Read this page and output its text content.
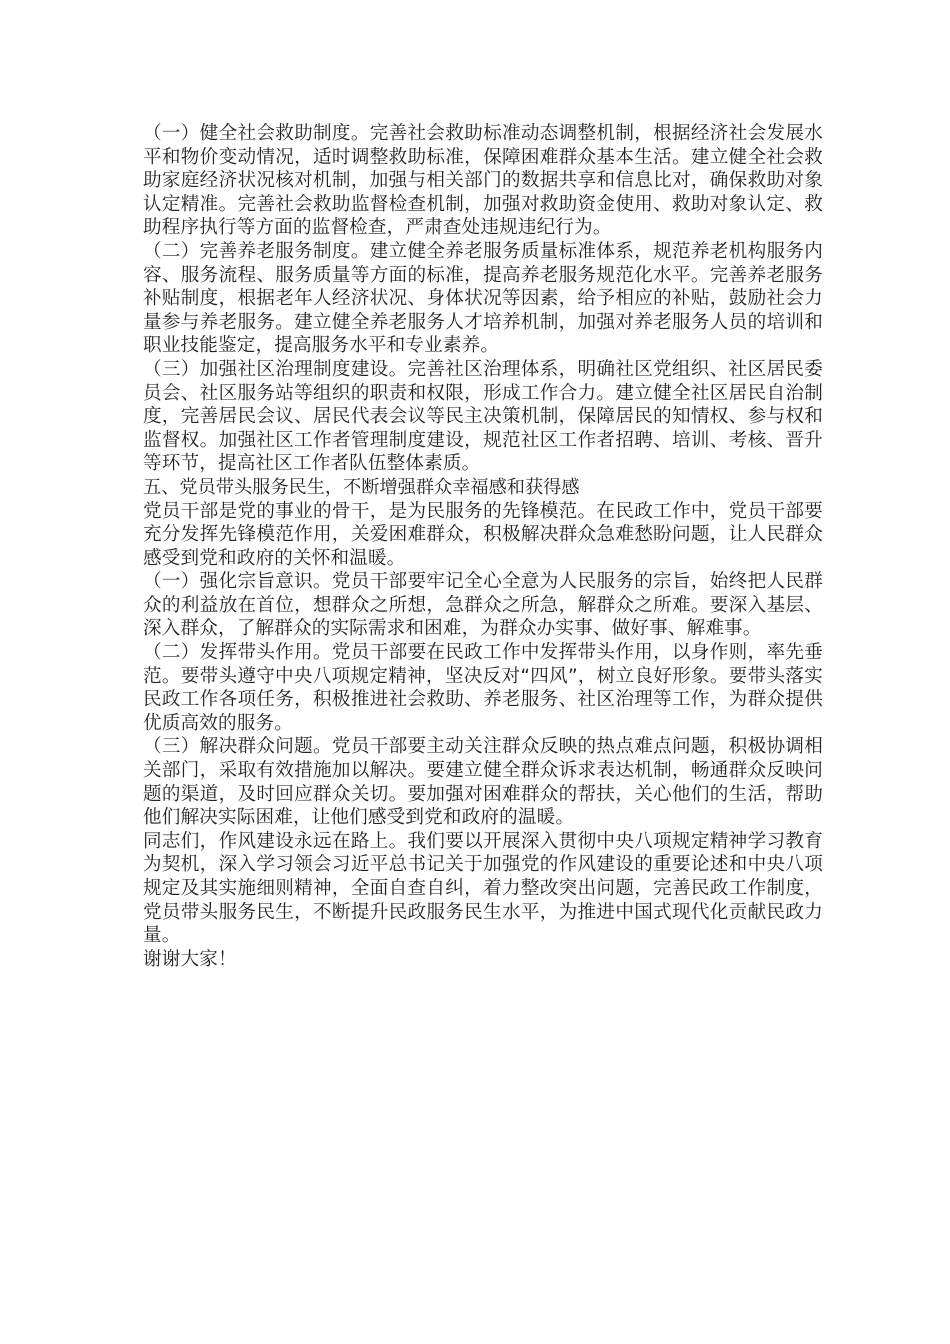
（一）健全社会救助制度。完善社会救助标准动态调整机制，根据经济社会发展水平和物价变动情况，适时调整救助标准，保障困难群众基本生活。建立健全社会救助家庭经济状况核对机制，加强与相关部门的数据共享和信息比对，确保救助对象认定精准。完善社会救助监督检查机制，加强对救助资金使用、救助对象认定、救助程序执行等方面的监督检查，严肃查处违规违纪行为。

（二）完善养老服务制度。建立健全养老服务质量标准体系，规范养老机构服务内容、服务流程、服务质量等方面的标准，提高养老服务规范化水平。完善养老服务补贴制度，根据老年人经济状况、身体状况等因素，给予相应的补贴，鼓励社会力量参与养老服务。建立健全养老服务人才培养机制，加强对养老服务人员的培训和职业技能鉴定，提高服务水平和专业素养。

（三）加强社区治理制度建设。完善社区治理体系，明确社区党组织、社区居民委员会、社区服务站等组织的职责和权限，形成工作合力。建立健全社区居民自治制度，完善居民会议、居民代表会议等民主决策机制，保障居民的知情权、参与权和监督权。加强社区工作者管理制度建设，规范社区工作者招聘、培训、考核、晋升等环节，提高社区工作者队伍整体素质。

五、党员带头服务民生，不断增强群众幸福感和获得感

党员干部是党的事业的骨干，是为民服务的先锋模范。在民政工作中，党员干部要充分发挥先锋模范作用，关爱困难群众，积极解决群众急难愁盼问题，让人民群众感受到党和政府的关怀和温暖。

（一）强化宗旨意识。党员干部要牢记全心全意为人民服务的宗旨，始终把人民群众的利益放在首位，想群众之所想，急群众之所急，解群众之所难。要深入基层、深入群众，了解群众的实际需求和困难，为群众办实事、做好事、解难事。

（二）发挥带头作用。党员干部要在民政工作中发挥带头作用，以身作则，率先垂范。要带头遵守中央八项规定精神，坚决反对“四风”，树立良好形象。要带头落实民政工作各项任务，积极推进社会救助、养老服务、社区治理等工作，为群众提供优质高效的服务。

（三）解决群众问题。党员干部要主动关注群众反映的热点难点问题，积极协调相关部门，采取有效措施加以解决。要建立健全群众诉求表达机制，畅通群众反映问题的渠道，及时回应群众关切。要加强对困难群众的帮扶，关心他们的生活，帮助他们解决实际困难，让他们感受到党和政府的温暖。

同志们，作风建设永远在路上。我们要以开展深入贯彻中央八项规定精神学习教育为契机，深入学习领会习近平总书记关于加强党的作风建设的重要论述和中央八项规定及其实施细则精神，全面自查自纠，着力整改突出问题，完善民政工作制度，党员带头服务民生，不断提升民政服务民生水平，为推进中国式现代化贡献民政力量。

谢谢大家！
